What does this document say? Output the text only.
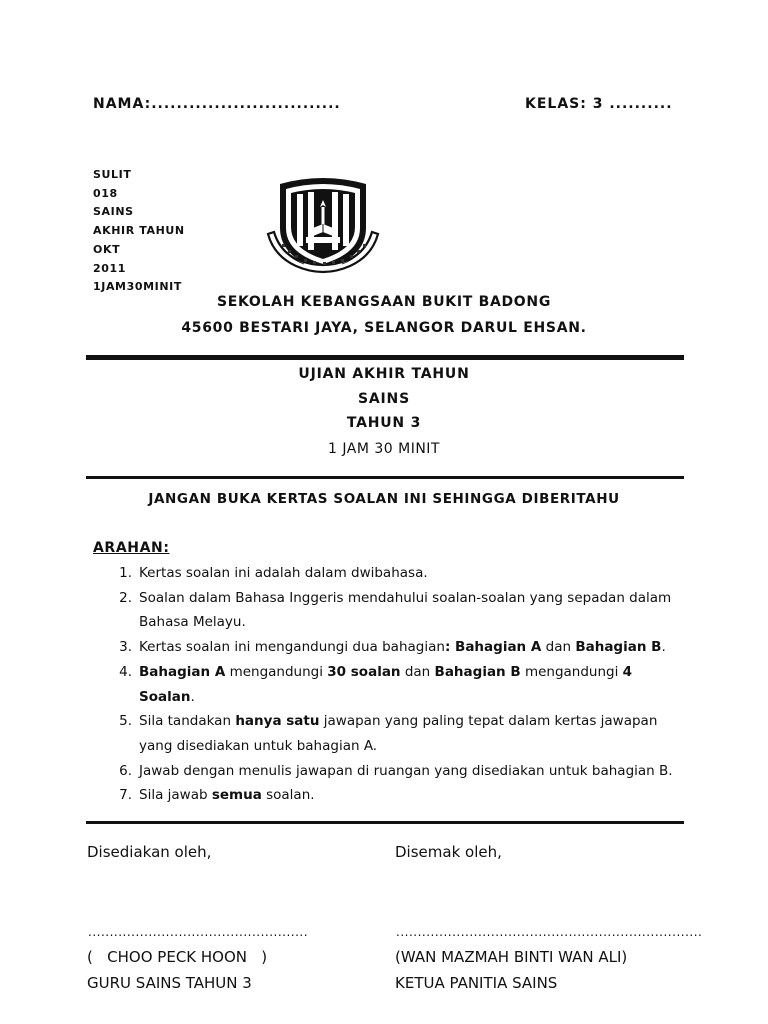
NAMA:..............................	KELAS: 3 ..........
SULIT
018
SAINS
AKHIR TAHUN
OKT
2011
1JAM30MINIT
SEKOLAH KEBANGSAAN BUKIT BADONG
45600 BESTARI JAYA, SELANGOR DARUL EHSAN.
UJIAN AKHIR TAHUN
SAINS
TAHUN 3
1 JAM 30 MINIT
JANGAN BUKA KERTAS SOALAN INI SEHINGGA DIBERITAHU
ARAHAN:
1. Kertas soalan ini adalah dalam dwibahasa.
2. Soalan dalam Bahasa Inggeris mendahului soalan-soalan yang sepadan dalam Bahasa Melayu.
3. Kertas soalan ini mengandungi dua bahagian: Bahagian A dan Bahagian B.
4. Bahagian A mengandungi 30 soalan dan Bahagian B mengandungi 4 Soalan.
5. Sila tandakan hanya satu jawapan yang paling tepat dalam kertas jawapan yang disediakan untuk bahagian A.
6. Jawab dengan menulis jawapan di ruangan yang disediakan untuk bahagian B.
7. Sila jawab semua soalan.
Disediakan oleh,	Disemak oleh,
...................................................	.......................................................................
(   CHOO PECK HOON   )	(WAN MAZMAH BINTI WAN ALI)
GURU SAINS TAHUN 3	KETUA PANITIA SAINS
